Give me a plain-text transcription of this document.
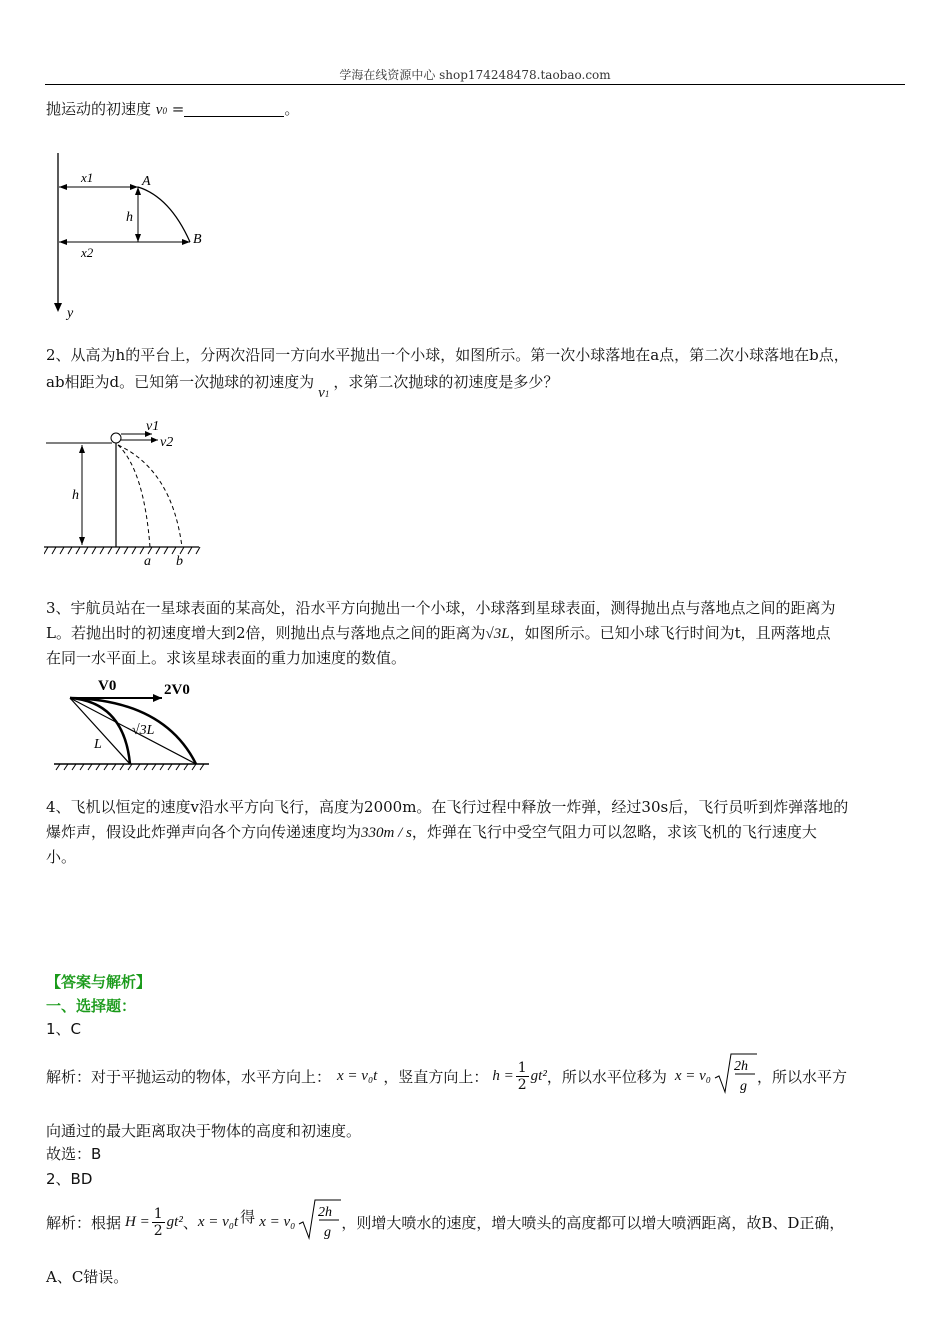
学海在线资源中心 shop174248478.taobao.com
抛运动的初速度 v0 =	。
x1	A
h
B
x2
y
2、从高为h的平台上，分两次沿同一方向水平抛出一个小球，如图所示。第一次小球落地在a点，第二次小球落地在b点，
ab相距为d。已知第一次抛球的初速度为v1，求第二次抛球的初速度是多少？
v1
v2
h
a b
3、宇航员站在一星球表面的某高处，沿水平方向抛出一个小球，小球落到星球表面，测得抛出点与落地点之间的距离为
L。若抛出时的初速度增大到2倍，则抛出点与落地点之间的距离为√3L，如图所示。已知小球飞行时间为t，且两落地点
在同一水平面上。求该星球表面的重力加速度的数值。
V0	2V0
√3L
L
4、飞机以恒定的速度v沿水平方向飞行，高度为2000m。在飞行过程中释放一炸弹，经过30s后，飞行员听到炸弹落地的
爆炸声，假设此炸弹声向各个方向传递速度均为330m / s，炸弹在飞行中受空气阻力可以忽略，求该飞机的飞行速度大
小。
【答案与解析】
一、选择题：
1、C
解析：对于平抛运动的物体，水平方向上： x = v₀t ，竖直方向上： $h = \frac{1}{2} gt^2$ ，所以水平位移为 x = v₀
2h
g
，所以水平方
向通过的最大距离取决于物体的高度和初速度。
故选：B
2、BD
解析：根据 $H = \frac{1}{2} gt^2$ 、 x = v₀t 得 x = v₀
2h
g
，则增大喷水的速度，增大喷头的高度都可以增大喷洒距离，故B、D正确，
A、C错误。
